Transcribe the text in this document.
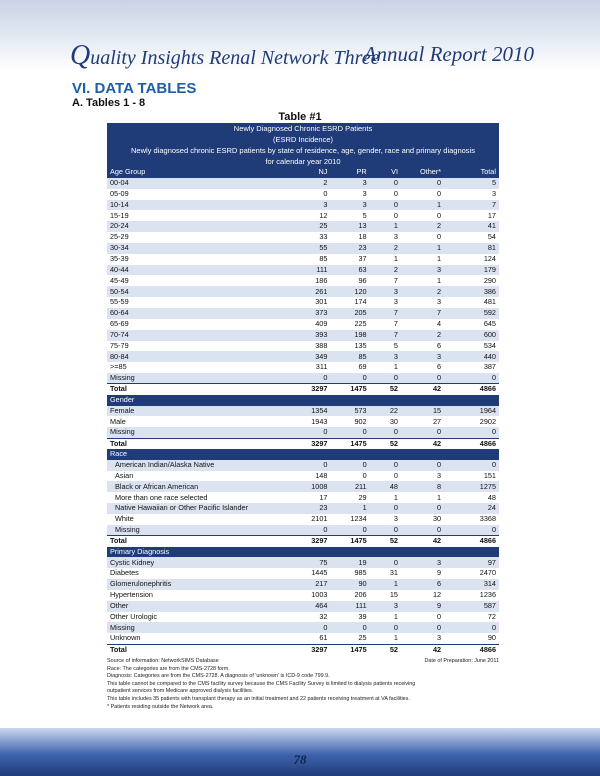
Quality Insights Renal Network Three
Annual Report 2010
VI. DATA TABLES
A. Tables 1 - 8
Table #1
Newly Diagnosed Chronic ESRD Patients
(ESRD Incidence)
Newly diagnosed chronic ESRD patients by state of residence, age, gender, race and primary diagnosis
for calendar year 2010
Age Group	NJ	PR	VI	Other*	Total
00-04	2	3	0	0	5
05-09	0	3	0	0	3
10-14	3	3	0	1	7
15-19	12	5	0	0	17
20-24	25	13	1	2	41
25-29	33	18	3	0	54
30-34	55	23	2	1	81
35-39	85	37	1	1	124
40-44	111	63	2	3	179
45-49	186	96	7	1	290
50-54	261	120	3	2	386
55-59	301	174	3	3	481
60-64	373	205	7	7	592
65-69	409	225	7	4	645
70-74	393	198	7	2	600
75-79	388	135	5	6	534
80-84	349	85	3	3	440
>=85	311	69	1	6	387
Missing	0	0	0	0	0
Total	3297	1475	52	42	4866
Gender					
Female	1354	573	22	15	1964
Male	1943	902	30	27	2902
Missing	0	0	0	0	0
Total	3297	1475	52	42	4866
Race					
American Indian/Alaska Native	0	0	0	0	0
Asian	148	0	0	3	151
Black or African American	1008	211	48	8	1275
More than one race selected	17	29	1	1	48
Native Hawaiian or Other Pacific Islander	23	1	0	0	24
White	2101	1234	3	30	3368
Missing	0	0	0	0	0
Total	3297	1475	52	42	4866
Primary Diagnosis					
Cystic Kidney	75	19	0	3	97
Diabetes	1445	985	31	9	2470
Glomerulonephritis	217	90	1	6	314
Hypertension	1003	206	15	12	1236
Other	464	111	3	9	587
Other Urologic	32	39	1	0	72
Missing	0	0	0	0	0
Unknown	61	25	1	3	90
Total	3297	1475	52	42	4866
Source of information: NetworkSIMS Database	Date of Preparation: June 2011
Race: The categories are from the CMS-2728 form.
Diagnosis: Categories are from the CMS-2728. A diagnosis of 'unknown' is ICD-9 code 799.9.
This table cannot be compared to the CMS facility survey because the CMS Facility Survey is limited to dialysis patients receiving
outpatient services from Medicare approved dialysis facilities.
This table includes 35 patients with transplant therapy as an initial treatment and 22 patients receiving treatment at VA facilities.
* Patients residing outside the Network area.
78
